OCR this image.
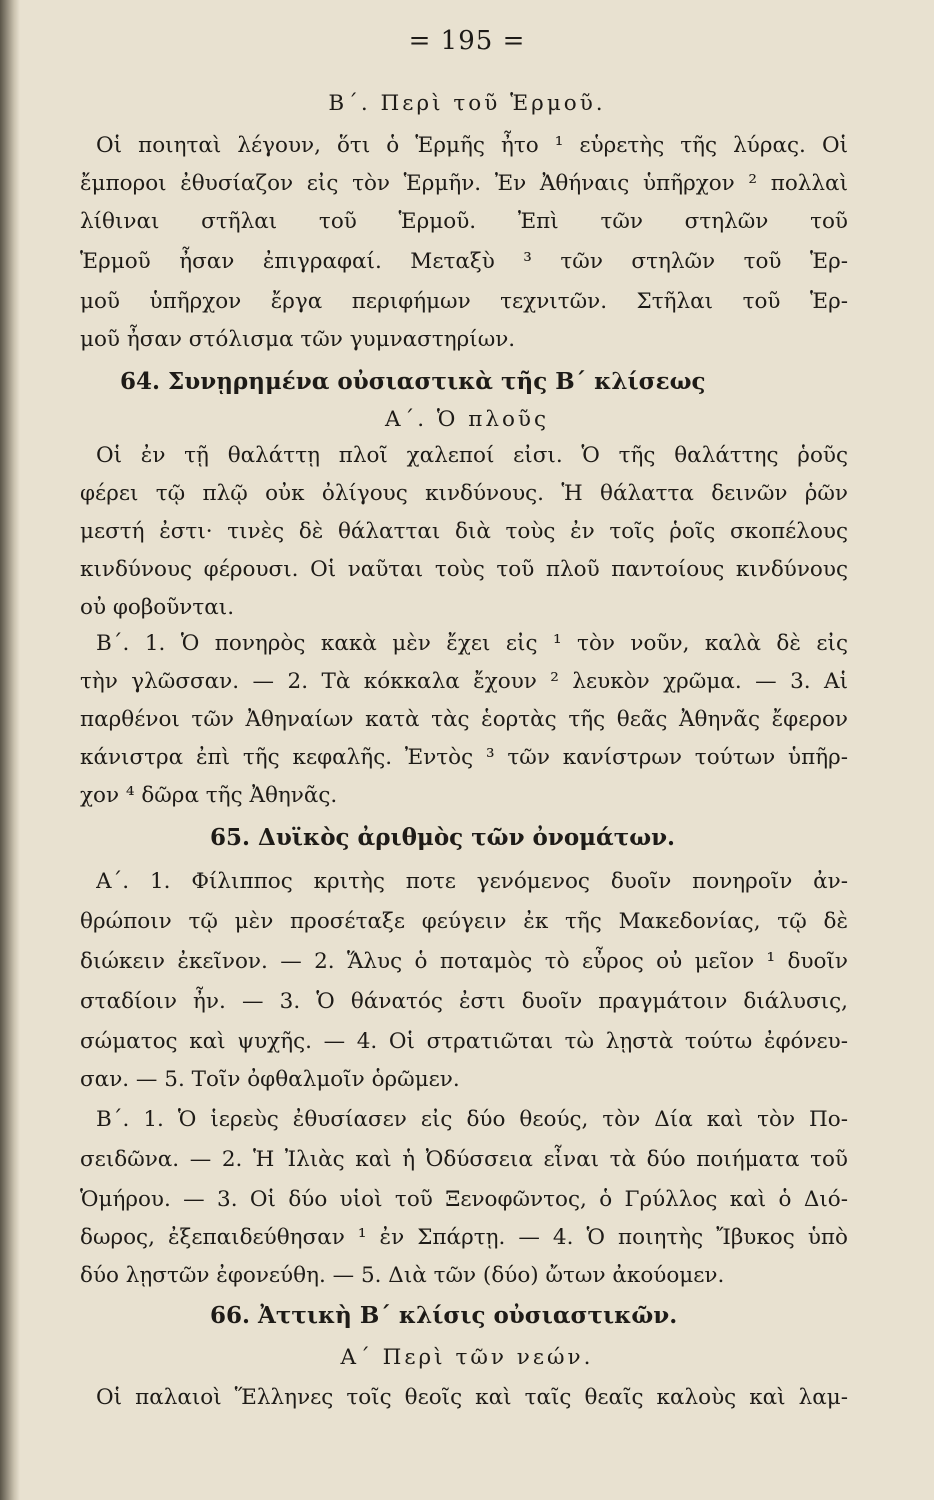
= 195 =
Β΄. Περὶ τοῦ Ἑρμοῦ.
Οἱ ποιηταὶ λέγουν, ὅτι ὁ Ἑρμῆς ἦτο ¹ εὑρετὴς τῆς λύρας. Οἱ
ἔμποροι ἐθυσίαζον εἰς τὸν Ἑρμῆν. Ἐν Ἀθήναις ὑπῆρχον ² πολλαὶ
λίθιναι στῆλαι τοῦ Ἑρμοῦ. Ἐπὶ τῶν στηλῶν τοῦ
Ἑρμοῦ ἦσαν ἐπιγραφαί. Μεταξὺ ³ τῶν στηλῶν τοῦ Ἑρ-
μοῦ ὑπῆρχον ἔργα περιφήμων τεχνιτῶν. Στῆλαι τοῦ Ἑρ-
μοῦ ἦσαν στόλισμα τῶν γυμναστηρίων.
64. Συνῃρημένα οὐσιαστικὰ τῆς Β΄ κλίσεως
Α΄. Ὁ πλοῦς
Οἱ ἐν τῇ θαλάττῃ πλοῖ χαλεποί εἰσι. Ὁ τῆς θαλάττης ῥοῦς
φέρει τῷ πλῷ οὐκ ὀλίγους κινδύνους. Ἡ θάλαττα δεινῶν ῥῶν
μεστή ἐστι· τινὲς δὲ θάλατται διὰ τοὺς ἐν τοῖς ῥοῖς σκοπέλους
κινδύνους φέρουσι. Οἱ ναῦται τοὺς τοῦ πλοῦ παντοίους κινδύνους
οὐ φοβοῦνται.
Β΄. 1. Ὁ πονηρὸς κακὰ μὲν ἔχει εἰς ¹ τὸν νοῦν, καλὰ δὲ εἰς
τὴν γλῶσσαν. — 2. Τὰ κόκκαλα ἔχουν ² λευκὸν χρῶμα. — 3. Αἱ
παρθένοι τῶν Ἀθηναίων κατὰ τὰς ἑορτὰς τῆς θεᾶς Ἀθηνᾶς ἔφερον
κάνιστρα ἐπὶ τῆς κεφαλῆς. Ἐντὸς ³ τῶν κανίστρων τούτων ὑπῆρ-
χον ⁴ δῶρα τῆς Ἀθηνᾶς.
65. Δυϊκὸς ἀριθμὸς τῶν ὀνομάτων.
Α΄. 1. Φίλιππος κριτὴς ποτε γενόμενος δυοῖν πονηροῖν ἀν-
θρώποιν τῷ μὲν προσέταξε φεύγειν ἐκ τῆς Μακεδονίας, τῷ δὲ
διώκειν ἐκεῖνον. — 2. Ἅλυς ὁ ποταμὸς τὸ εὖρος οὐ μεῖον ¹ δυοῖν
σταδίοιν ἦν. — 3. Ὁ θάνατός ἐστι δυοῖν πραγμάτοιν διάλυσις,
σώματος καὶ ψυχῆς. — 4. Οἱ στρατιῶται τὼ λῃστὰ τούτω ἐφόνευ-
σαν. — 5. Τοῖν ὀφθαλμοῖν ὁρῶμεν.
Β΄. 1. Ὁ ἱερεὺς ἐθυσίασεν εἰς δύο θεούς, τὸν Δία καὶ τὸν Πο-
σειδῶνα. — 2. Ἡ Ἰλιὰς καὶ ἡ Ὀδύσσεια εἶναι τὰ δύο ποιήματα τοῦ
Ὁμήρου. — 3. Οἱ δύο υἱοὶ τοῦ Ξενοφῶντος, ὁ Γρύλλος καὶ ὁ Διό-
δωρος, ἐξεπαιδεύθησαν ¹ ἐν Σπάρτῃ. — 4. Ὁ ποιητὴς Ἴβυκος ὑπὸ
δύο λῃστῶν ἐφονεύθη. — 5. Διὰ τῶν (δύο) ὤτων ἀκούομεν.
66. Ἀττικὴ Β΄ κλίσις οὐσιαστικῶν.
Α΄ Περὶ τῶν νεών.
Οἱ παλαιοὶ Ἕλληνες τοῖς θεοῖς καὶ ταῖς θεαῖς καλοὺς καὶ λαμ-
